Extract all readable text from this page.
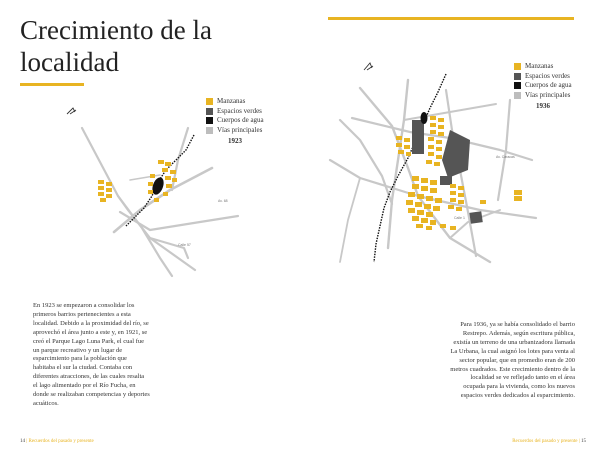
Crecimiento de la localidad
Av. 68
Calle 57
Manzanas
Espacios verdes
Cuerpos de agua
Vías principales
1923
En 1923 se empezaron a consolidar los primeros barrios pertenecientes a esta localidad. Debido a la proximidad del río, se aprovechó el área junto a este y, en 1921, se creó el Parque Lago Luna Park, el cual fue un parque recreativo y un lugar de esparcimiento para la población que habitaba el sur la ciudad. Contaba con diferentes atracciones, de las cuales resalta el lago alimentado por el Río Fucha, en donde se realizaban competencias y deportes acuáticos.
14 | Recuerdos del pasado y presente
Av. Caracas
Calle 1
Manzanas
Espacios verdes
Cuerpos de agua
Vías principales
1936
Para 1936, ya se había consolidado el barrio Restrepo. Además, según escritura pública, existía un terreno de una urbanizadora llamada La Urbana, la cual asignó los lotes para venta al sector popular, que en promedio eran de 200 metros cuadrados. Este crecimiento dentro de la localidad se ve reflejado tanto en el área ocupada para la vivienda, como los nuevos espacios verdes dedicados al esparcimiento.
Recuerdos del pasado y presente | 15
